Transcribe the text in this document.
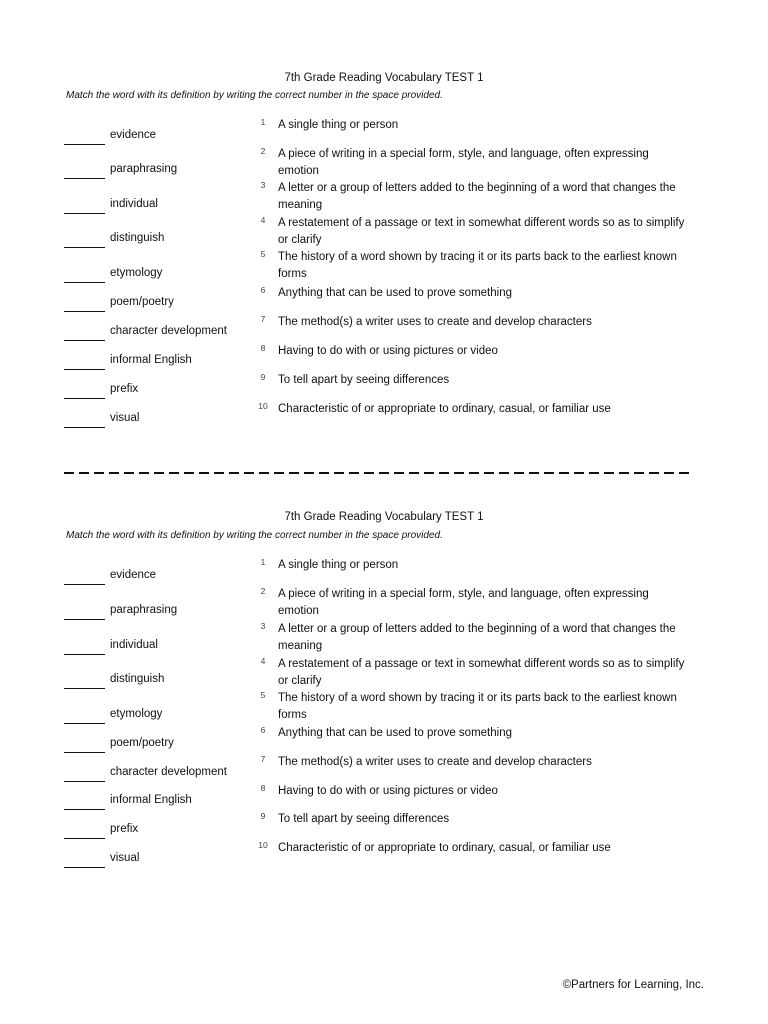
7th Grade Reading Vocabulary TEST 1
Match the word with its definition by writing the correct number in the space provided.
evidence
paraphrasing
individual
distinguish
etymology
poem/poetry
character development
informal English
prefix
visual
1	A single thing or person
2	A piece of writing in a special form, style, and language, often expressing emotion
3	A letter or a group of letters added to the beginning of a word that changes the meaning
4	A restatement of a passage or text in somewhat different words so as to simplify or clarify
5	The history of a word shown by tracing it or its parts back to the earliest known forms
6	Anything that can be used to prove something
7	The method(s) a writer uses to create and develop characters
8	Having to do with or using pictures or video
9	To tell apart by seeing differences
10 Characteristic of or appropriate to ordinary, casual, or familiar use
7th Grade Reading Vocabulary TEST 1
Match the word with its definition by writing the correct number in the space provided.
evidence
paraphrasing
individual
distinguish
etymology
poem/poetry
character development
informal English
prefix
visual
1	A single thing or person
2	A piece of writing in a special form, style, and language, often expressing emotion
3	A letter or a group of letters added to the beginning of a word that changes the meaning
4	A restatement of a passage or text in somewhat different words so as to simplify or clarify
5	The history of a word shown by tracing it or its parts back to the earliest known forms
6	Anything that can be used to prove something
7	The method(s) a writer uses to create and develop characters
8	Having to do with or using pictures or video
9	To tell apart by seeing differences
10 Characteristic of or appropriate to ordinary, casual, or familiar use
©Partners for Learning, Inc.
